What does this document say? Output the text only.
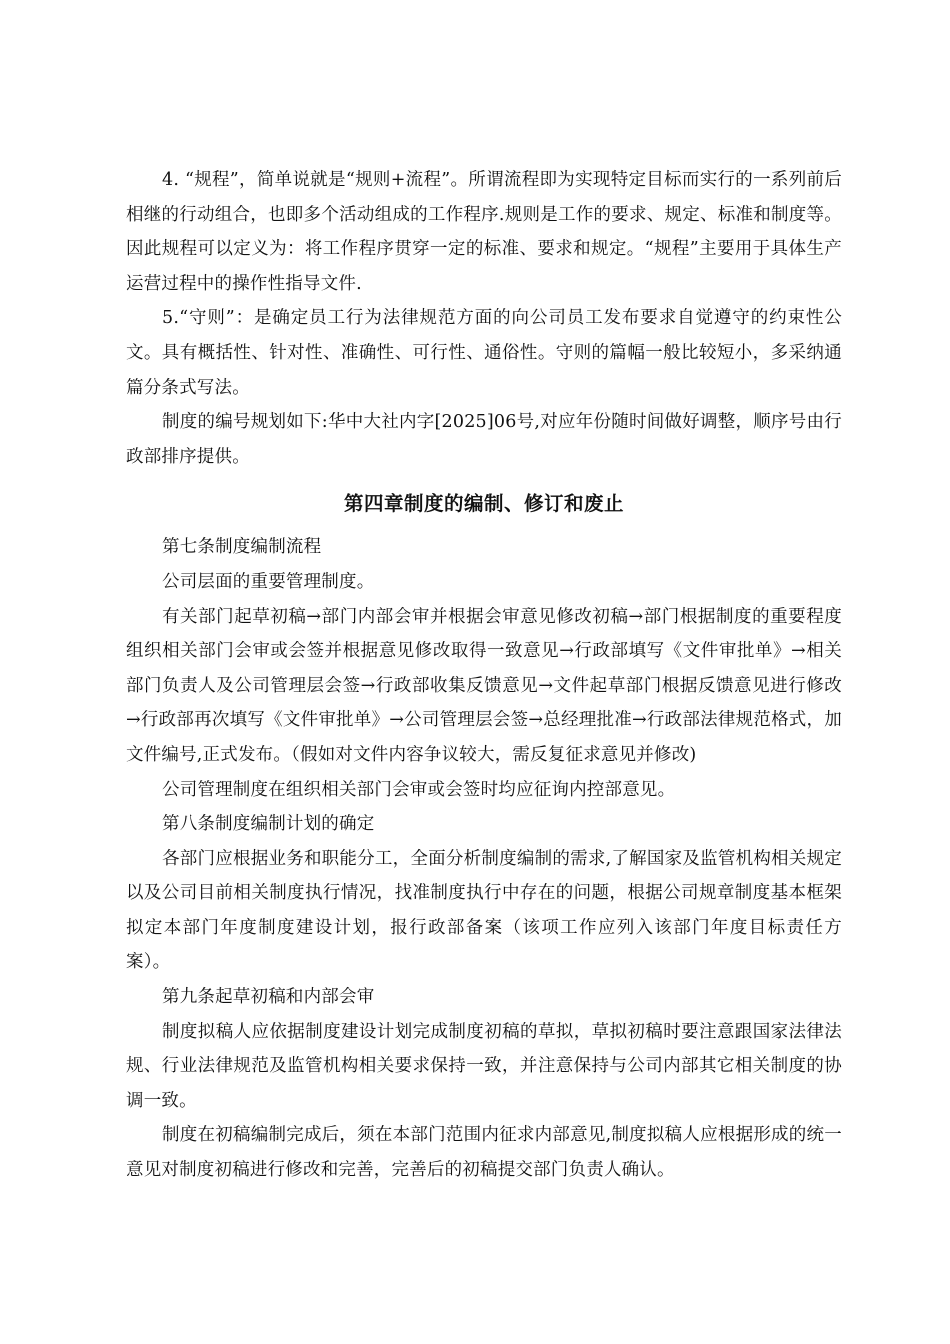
4. “规程”，简单说就是“规则+流程”。所谓流程即为实现特定目标而实行的一系列前后相继的行动组合，也即多个活动组成的工作程序.规则是工作的要求、规定、标准和制度等。因此规程可以定义为：将工作程序贯穿一定的标准、要求和规定。“规程”主要用于具体生产运营过程中的操作性指导文件.

5.“守则”：是确定员工行为法律规范方面的向公司员工发布要求自觉遵守的约束性公文。具有概括性、针对性、准确性、可行性、通俗性。守则的篇幅一般比较短小，多采纳通篇分条式写法。

制度的编号规划如下:华中大社内字[2025]06号,对应年份随时间做好调整，顺序号由行政部排序提供。

第四章制度的编制、修订和废止

第七条制度编制流程

公司层面的重要管理制度。

有关部门起草初稿→部门内部会审并根据会审意见修改初稿→部门根据制度的重要程度组织相关部门会审或会签并根据意见修改取得一致意见→行政部填写《文件审批单》→相关部门负责人及公司管理层会签→行政部收集反馈意见→文件起草部门根据反馈意见进行修改→行政部再次填写《文件审批单》→公司管理层会签→总经理批准→行政部法律规范格式，加文件编号,正式发布。（假如对文件内容争议较大，需反复征求意见并修改)

公司管理制度在组织相关部门会审或会签时均应征询内控部意见。

第八条制度编制计划的确定

各部门应根据业务和职能分工，全面分析制度编制的需求,了解国家及监管机构相关规定以及公司目前相关制度执行情况，找准制度执行中存在的问题，根据公司规章制度基本框架拟定本部门年度制度建设计划，报行政部备案（该项工作应列入该部门年度目标责任方案）。

第九条起草初稿和内部会审

制度拟稿人应依据制度建设计划完成制度初稿的草拟，草拟初稿时要注意跟国家法律法规、行业法律规范及监管机构相关要求保持一致，并注意保持与公司内部其它相关制度的协调一致。

制度在初稿编制完成后，须在本部门范围内征求内部意见,制度拟稿人应根据形成的统一意见对制度初稿进行修改和完善，完善后的初稿提交部门负责人确认。
